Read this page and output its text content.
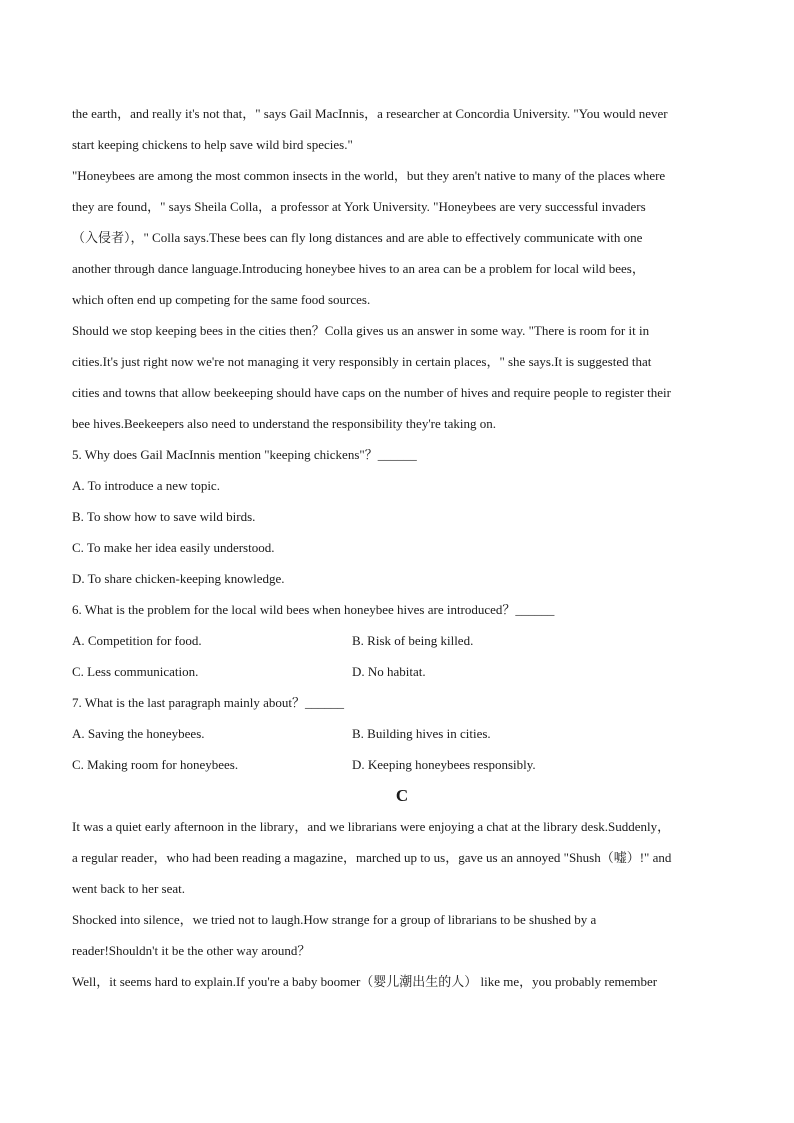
the earth，and really it's not that，" says Gail MacInnis，a researcher at Concordia University. "You would never
start keeping chickens to help save wild bird species."
"Honeybees are among the most common insects in the world，but they aren't native to many of the places where
they are found，" says Sheila Colla，a professor at York University. "Honeybees are very successful invaders
（入侵者），" Colla says.These bees can fly long distances and are able to effectively communicate with one
another through dance language.Introducing honeybee hives to an area can be a problem for local wild bees，
which often end up competing for the same food sources.
Should we stop keeping bees in the cities then？Colla gives us an answer in some way. "There is room for it in
cities.It's just right now we're not managing it very responsibly in certain places，" she says.It is suggested that
cities and towns that allow beekeeping should have caps on the number of hives and require people to register their
bee hives.Beekeepers also need to understand the responsibility they're taking on.
5. Why does Gail MacInnis mention "keeping chickens"？______
A. To introduce a new topic.
B. To show how to save wild birds.
C. To make her idea easily understood.
D. To share chicken-keeping knowledge.
6. What is the problem for the local wild bees when honeybee hives are introduced？______
A. Competition for food.	B. Risk of being killed.
C. Less communication.	D. No habitat.
7. What is the last paragraph mainly about？______
A. Saving the honeybees.	B. Building hives in cities.
C. Making room for honeybees.	D. Keeping honeybees responsibly.
C
It was a quiet early afternoon in the library，and we librarians were enjoying a chat at the library desk.Suddenly，
a regular reader，who had been reading a magazine，marched up to us，gave us an annoyed "Shush（嘘）!" and
went back to her seat.
Shocked into silence，we tried not to laugh.How strange for a group of librarians to be shushed by a
reader!Shouldn't it be the other way around？
Well，it seems hard to explain.If you're a baby boomer（婴儿潮出生的人） like me，you probably remember
